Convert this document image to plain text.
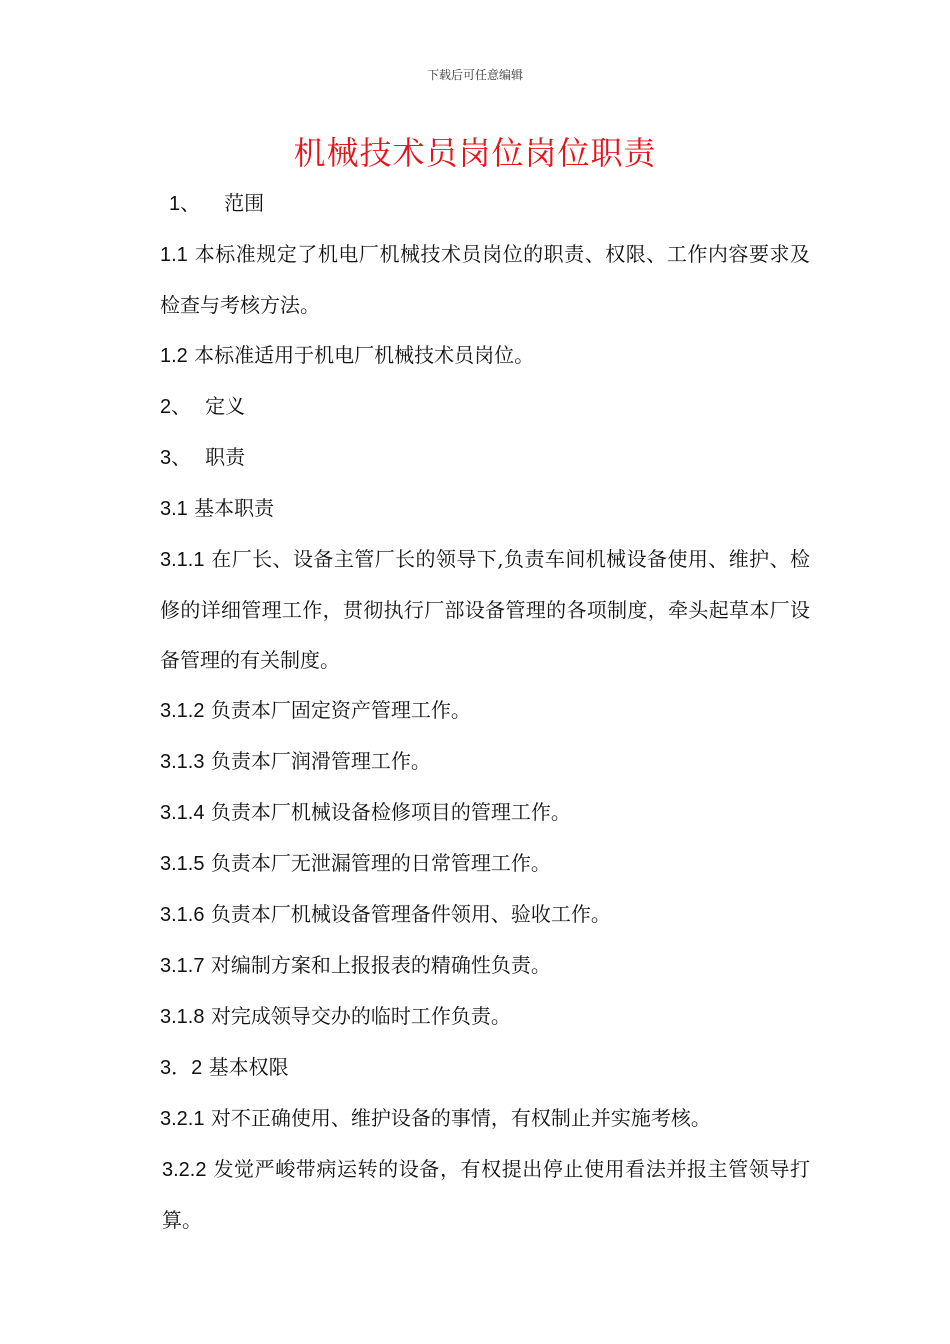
下载后可任意编辑
机械技术员岗位岗位职责

1、 范围

1.1 本标准规定了机电厂机械技术员岗位的职责、权限、工作内容要求及检查与考核方法。

1.2 本标准适用于机电厂机械技术员岗位。

2、 定义

3、 职责

3.1 基本职责

3.1.1 在厂长、设备主管厂长的领导下,负责车间机械设备使用、维护、检修的详细管理工作，贯彻执行厂部设备管理的各项制度，牵头起草本厂设备管理的有关制度。

3.1.2 负责本厂固定资产管理工作。

3.1.3 负责本厂润滑管理工作。

3.1.4 负责本厂机械设备检修项目的管理工作。

3.1.5 负责本厂无泄漏管理的日常管理工作。

3.1.6 负责本厂机械设备管理备件领用、验收工作。

3.1.7 对编制方案和上报报表的精确性负责。

3.1.8 对完成领导交办的临时工作负责。

3．2 基本权限

3.2.1 对不正确使用、维护设备的事情，有权制止并实施考核。

3.2.2 发觉严峻带病运转的设备，有权提出停止使用看法并报主管领导打算。
